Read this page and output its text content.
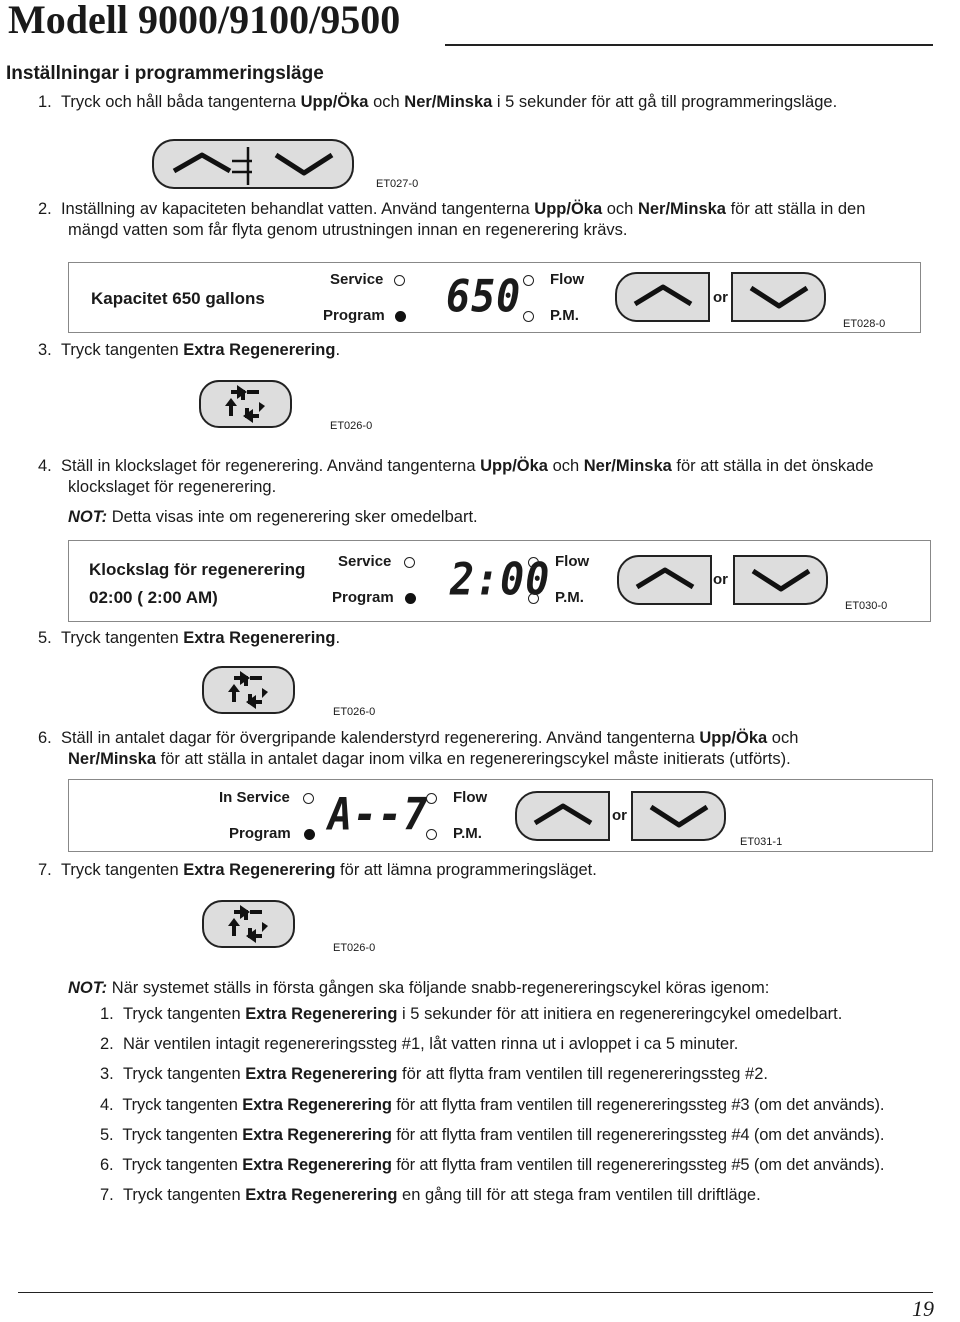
Modell 9000/9100/9500
Inställningar i programmeringsläge
1. Tryck och håll båda tangenterna Upp/Öka och Ner/Minska i 5 sekunder för att gå till programmeringsläge.
ET027-0
2. Inställning av kapaciteten behandlat vatten. Använd tangenterna Upp/Öka och Ner/Minska för att ställa in den
mängd vatten som får flyta genom utrustningen innan en regenerering krävs.
Kapacitet 650 gallons
Service
Program 650 Flow
P.M.
or
ET028-0
3. Tryck tangenten Extra Regenerering.
ET026-0
4. Ställ in klockslaget för regenerering. Använd tangenterna Upp/Öka och Ner/Minska för att ställa in det önskade
klockslaget för regenerering.
NOT: Detta visas inte om regenerering sker omedelbart.
Klockslag för regenerering
02:00 ( 2:00 AM)
Service
Program 2:00 Flow
P.M.
or
ET030-0
5. Tryck tangenten Extra Regenerering.
ET026-0
6. Ställ in antalet dagar för övergripande kalenderstyrd regenerering. Använd tangenterna Upp/Öka och
Ner/Minska för att ställa in antalet dagar inom vilka en regenereringscykel måste initierats (utförts).
In Service
Program A--7 Flow
P.M.
or
ET031-1
7. Tryck tangenten Extra Regenerering för att lämna programmeringsläget.
ET026-0
NOT: När systemet ställs in första gången ska följande snabb-regenereringscykel köras igenom:
1. Tryck tangenten Extra Regenerering i 5 sekunder för att initiera en regenereringcykel omedelbart.
2. När ventilen intagit regenereringssteg #1, låt vatten rinna ut i avloppet i ca 5 minuter.
3. Tryck tangenten Extra Regenerering för att flytta fram ventilen till regenereringssteg #2.
4. Tryck tangenten Extra Regenerering för att flytta fram ventilen till regenereringssteg #3 (om det används).
5. Tryck tangenten Extra Regenerering för att flytta fram ventilen till regenereringssteg #4 (om det används).
6. Tryck tangenten Extra Regenerering för att flytta fram ventilen till regenereringssteg #5 (om det används).
7. Tryck tangenten Extra Regenerering en gång till för att stega fram ventilen till driftläge.
19
